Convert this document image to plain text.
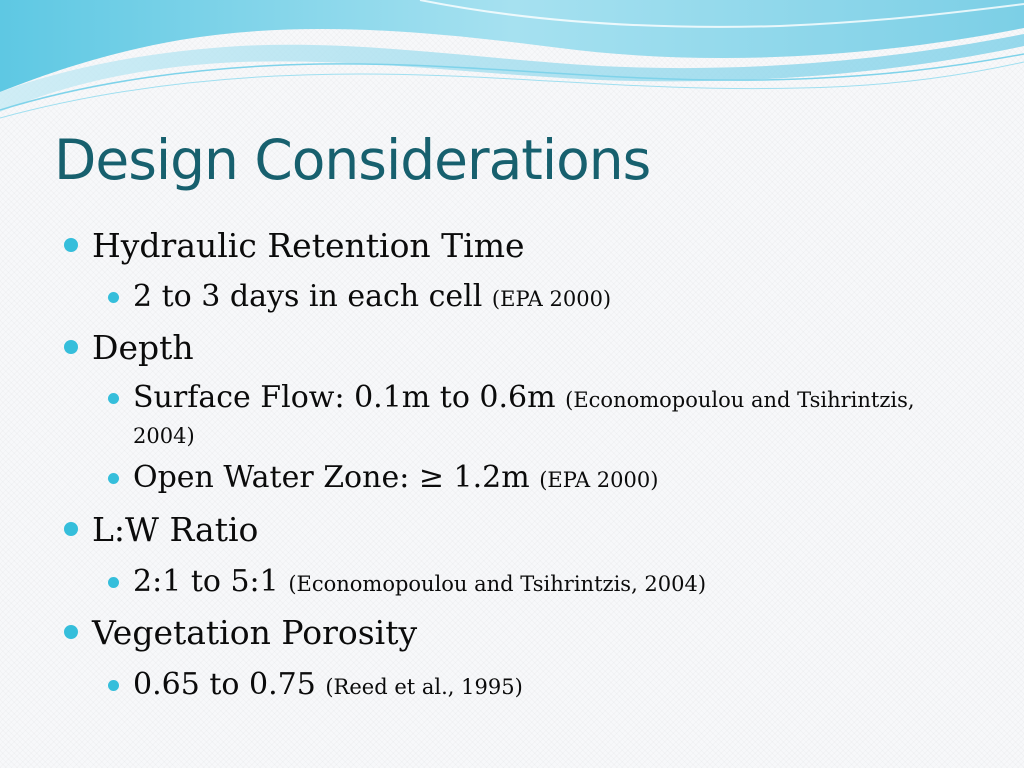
Design Considerations
Hydraulic Retention Time
2 to 3 days in each cell (EPA 2000)
Depth
Surface Flow: 0.1m to 0.6m (Economopoulou and Tsihrintzis, 2004)
Open Water Zone: ≥ 1.2m (EPA 2000)
L:W Ratio
2:1 to 5:1 (Economopoulou and Tsihrintzis, 2004)
Vegetation Porosity
0.65 to 0.75 (Reed et al., 1995)
